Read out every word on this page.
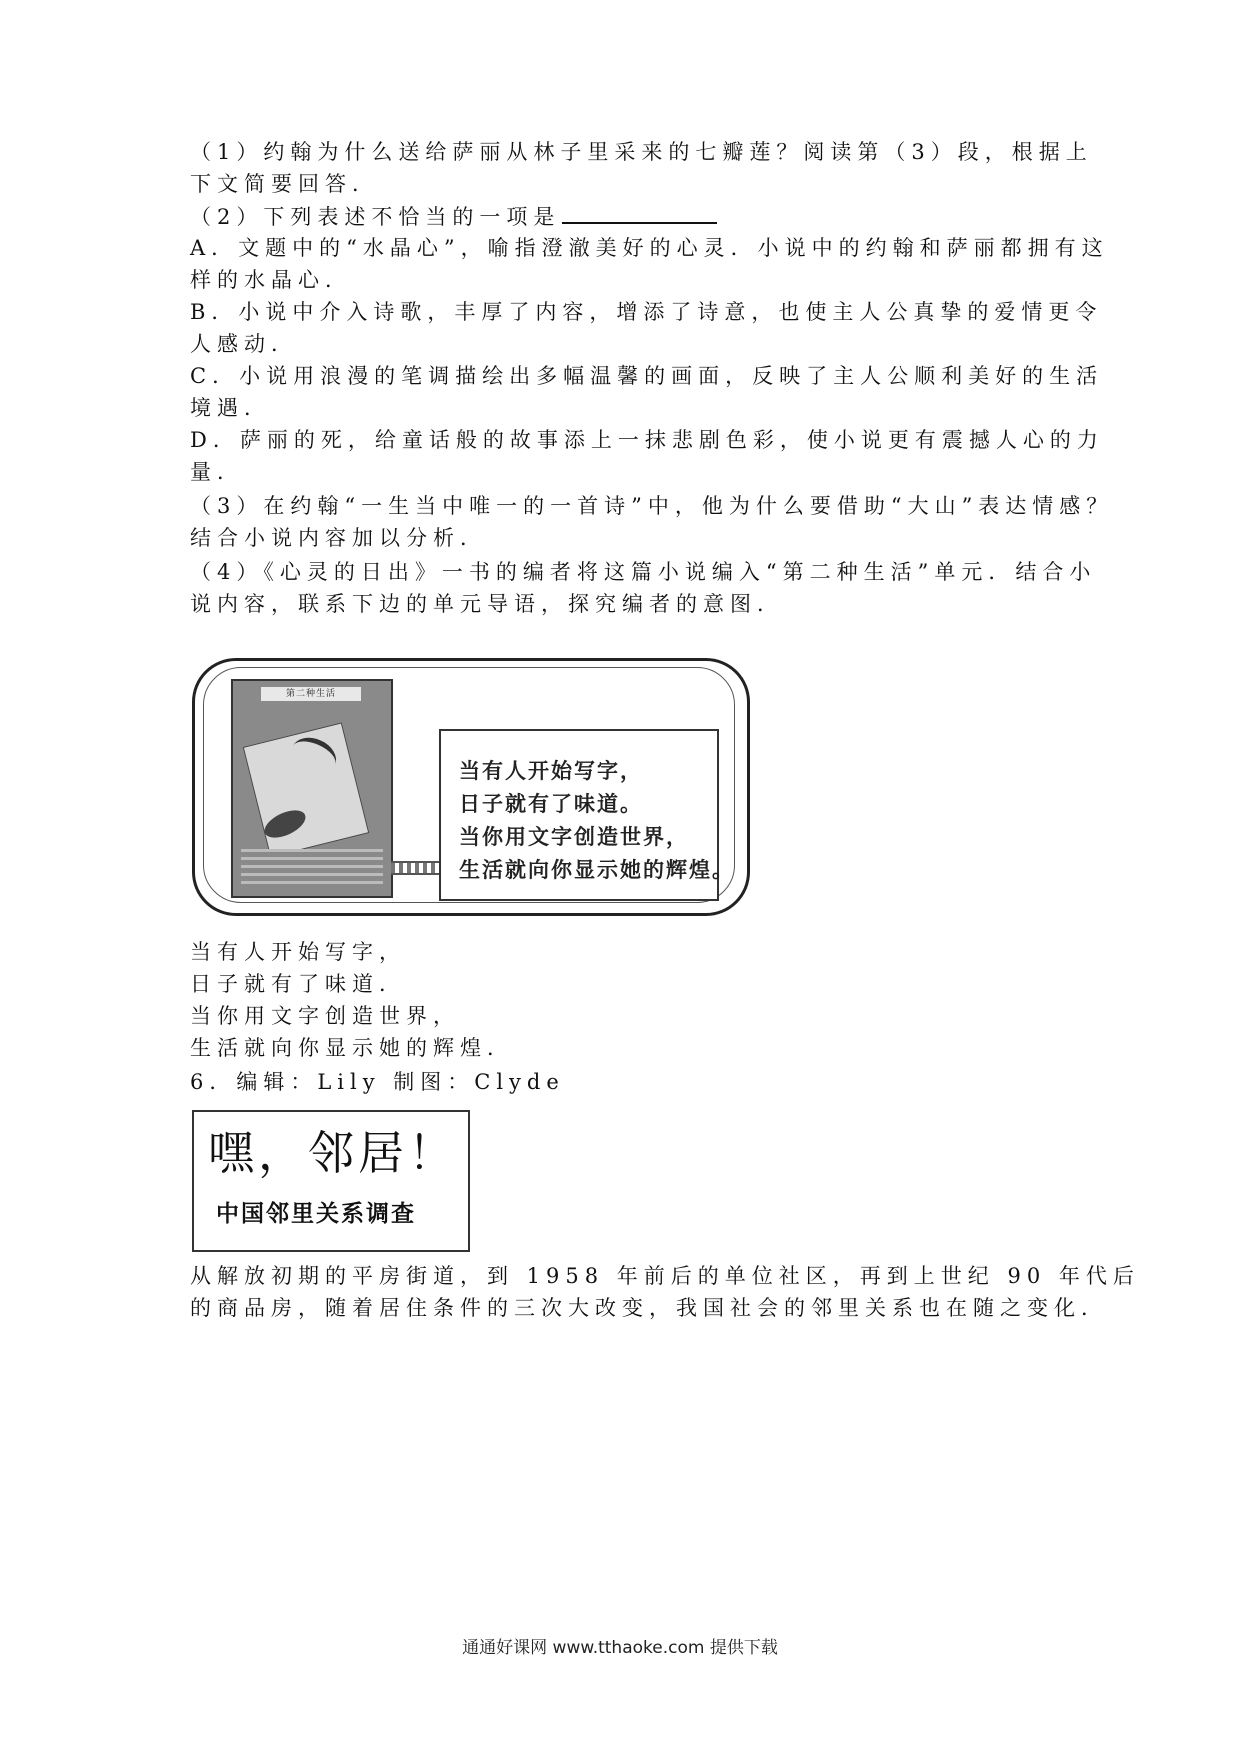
（1）约翰为什么送给萨丽从林子里采来的七瓣莲？阅读第（3）段，根据上
下文简要回答．
（2）下列表述不恰当的一项是
A．文题中的“水晶心”，喻指澄澈美好的心灵．小说中的约翰和萨丽都拥有这
样的水晶心．
B．小说中介入诗歌，丰厚了内容，增添了诗意，也使主人公真挚的爱情更令
人感动．
C．小说用浪漫的笔调描绘出多幅温馨的画面，反映了主人公顺利美好的生活
境遇．
D．萨丽的死，给童话般的故事添上一抹悲剧色彩，使小说更有震撼人心的力
量．
（3）在约翰“一生当中唯一的一首诗”中，他为什么要借助“大山”表达情感？
结合小说内容加以分析．
（4）《心灵的日出》一书的编者将这篇小说编入“第二种生活”单元．结合小
说内容，联系下边的单元导语，探究编者的意图．
第二种生活
当有人开始写字，
日子就有了味道。
当你用文字创造世界，
生活就向你显示她的辉煌。
当有人开始写字，
日子就有了味道．
当你用文字创造世界，
生活就向你显示她的辉煌．
6．编辑：Lily 制图：Clyde
嘿，邻居！
中国邻里关系调查
从解放初期的平房街道，到 1958 年前后的单位社区，再到上世纪 90 年代后
的商品房，随着居住条件的三次大改变，我国社会的邻里关系也在随之变化．
通通好课网 www.tthaoke.com 提供下载
